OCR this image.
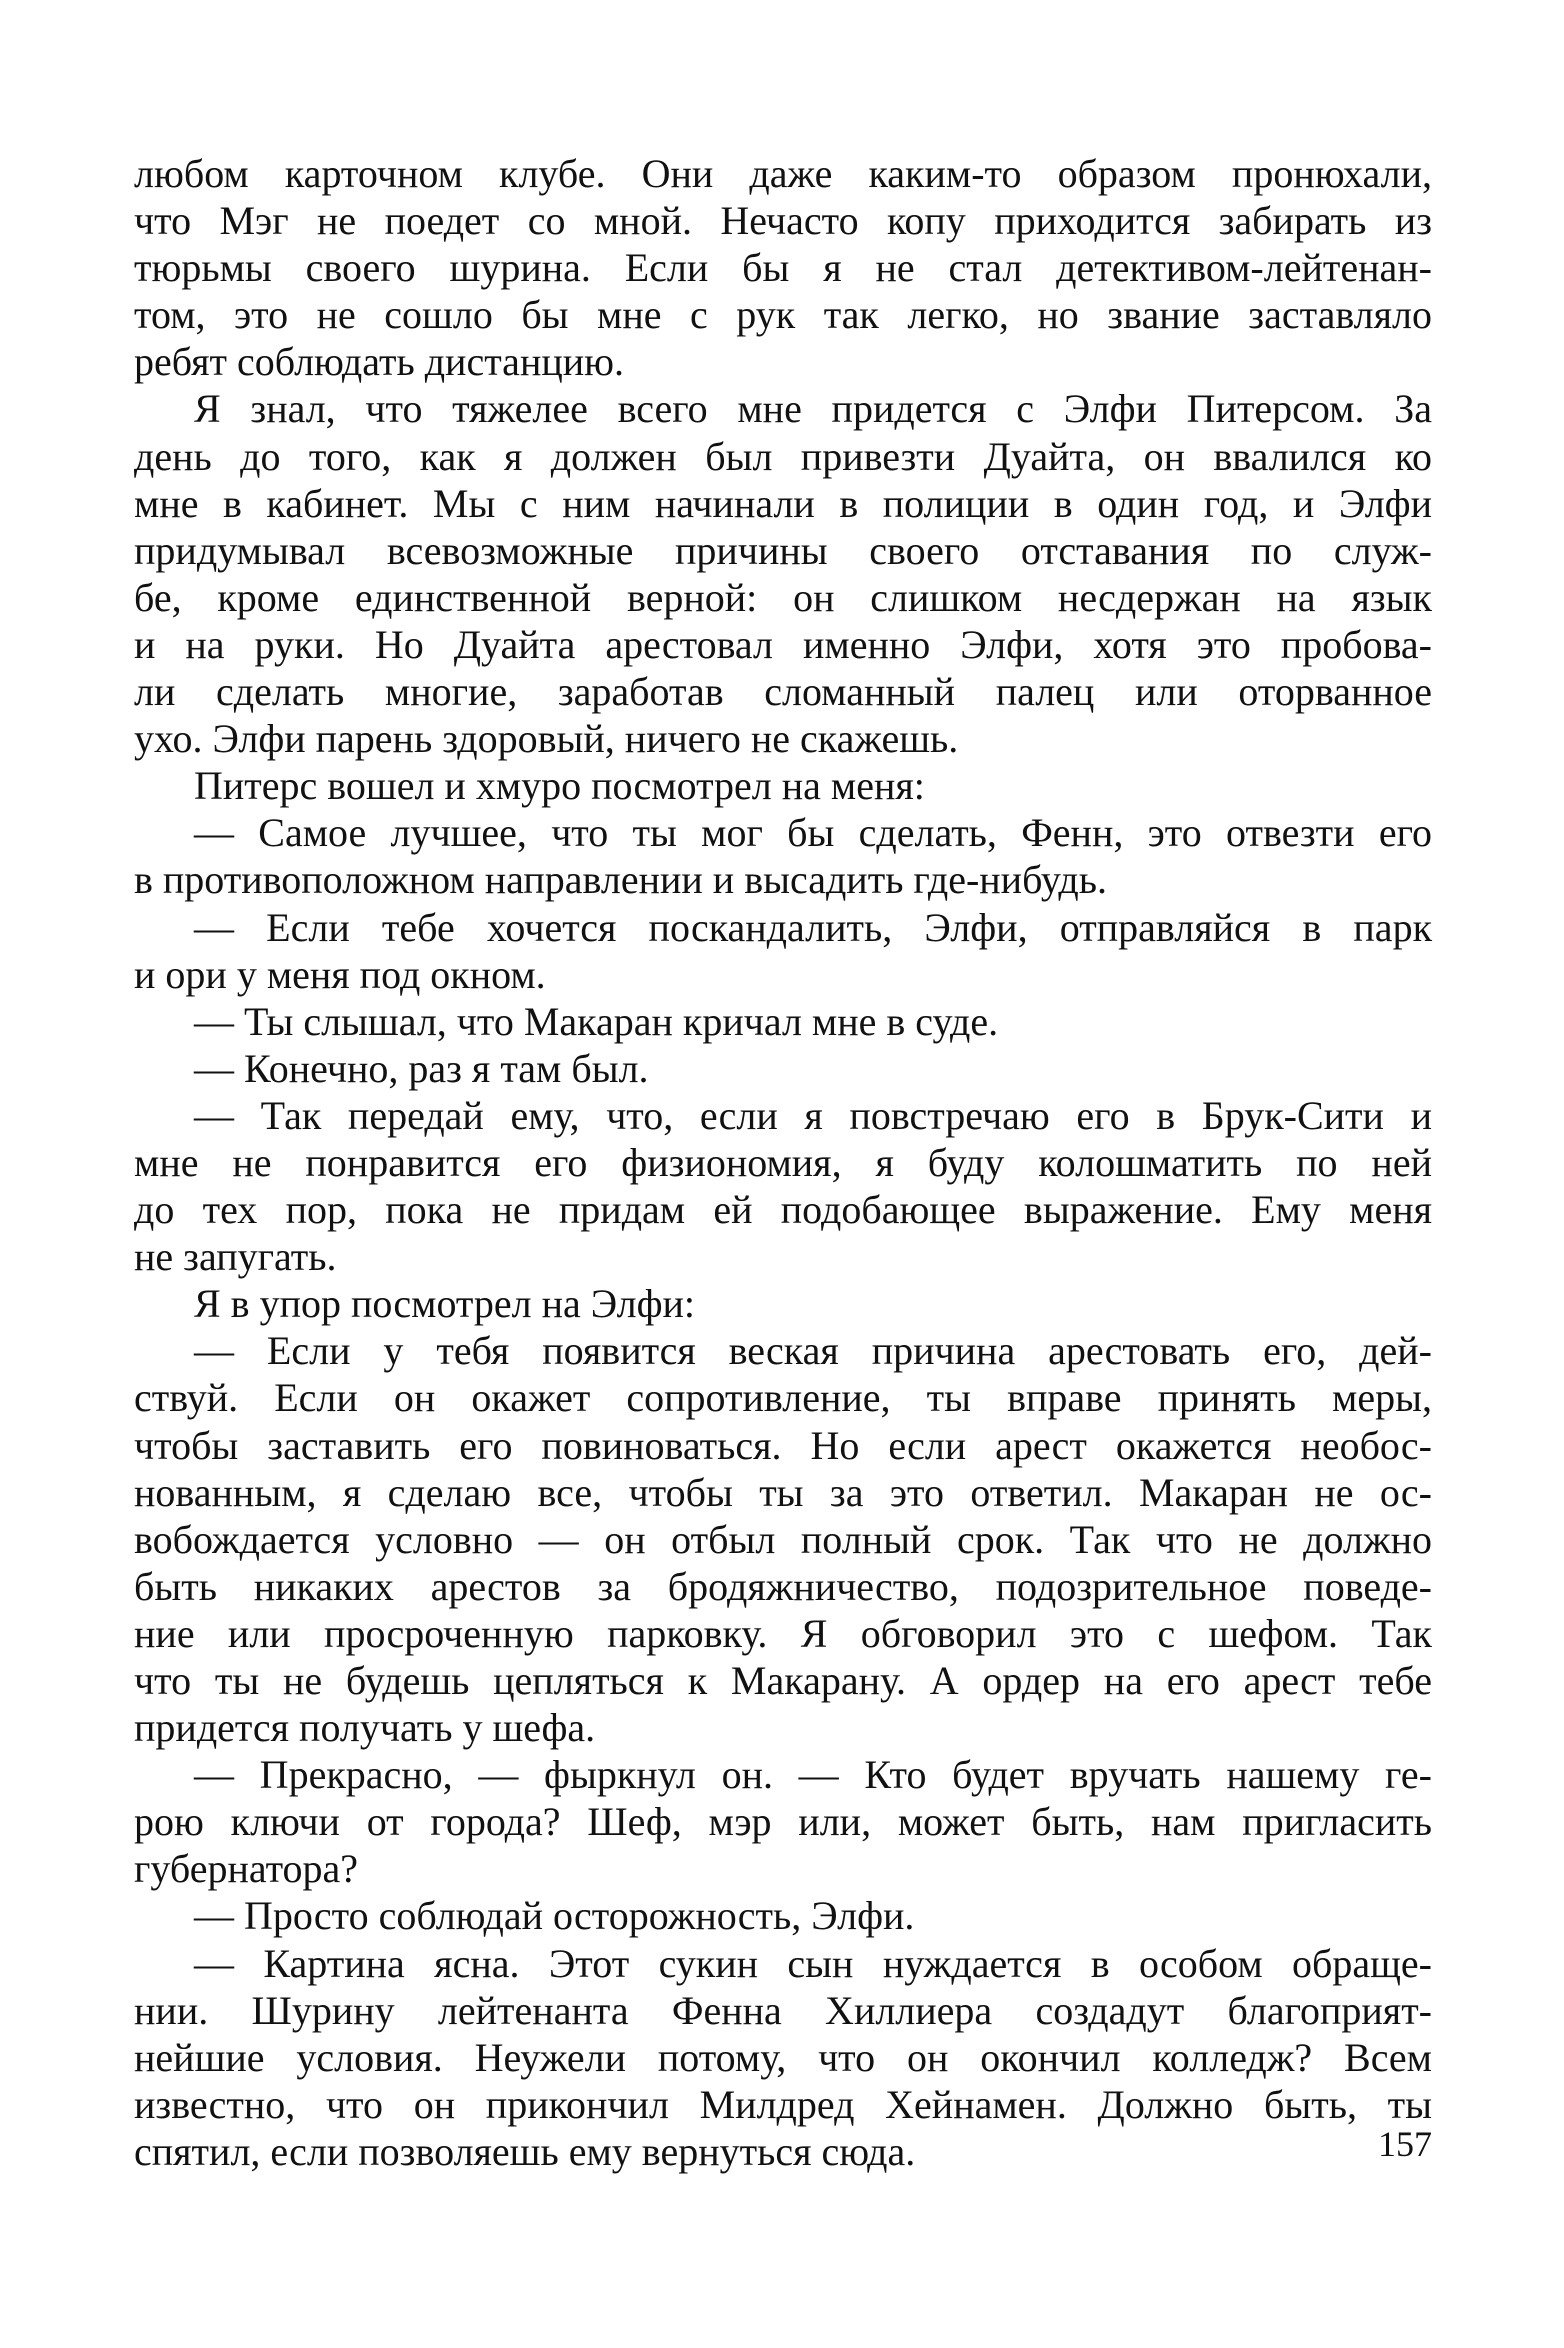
любом карточном клубе. Они даже каким-то образом пронюхали,
что Мэг не поедет со мной. Нечасто копу приходится забирать из
тюрьмы своего шурина. Если бы я не стал детективом-лейтенан-
том, это не сошло бы мне с рук так легко, но звание заставляло
ребят соблюдать дистанцию.
Я знал, что тяжелее всего мне придется с Элфи Питерсом. За
день до того, как я должен был привезти Дуайта, он ввалился ко
мне в кабинет. Мы с ним начинали в полиции в один год, и Элфи
придумывал всевозможные причины своего отставания по служ-
бе, кроме единственной верной: он слишком несдержан на язык
и на руки. Но Дуайта арестовал именно Элфи, хотя это пробова-
ли сделать многие, заработав сломанный палец или оторванное
ухо. Элфи парень здоровый, ничего не скажешь.
Питерс вошел и хмуро посмотрел на меня:
— Самое лучшее, что ты мог бы сделать, Фенн, это отвезти его
в противоположном направлении и высадить где-нибудь.
— Если тебе хочется поскандалить, Элфи, отправляйся в парк
и ори у меня под окном.
— Ты слышал, что Макаран кричал мне в суде.
— Конечно, раз я там был.
— Так передай ему, что, если я повстречаю его в Брук-Сити и
мне не понравится его физиономия, я буду колошматить по ней
до тех пор, пока не придам ей подобающее выражение. Ему меня
не запугать.
Я в упор посмотрел на Элфи:
— Если у тебя появится веская причина арестовать его, дей-
ствуй. Если он окажет сопротивление, ты вправе принять меры,
чтобы заставить его повиноваться. Но если арест окажется необос-
нованным, я сделаю все, чтобы ты за это ответил. Макаран не ос-
вобождается условно — он отбыл полный срок. Так что не должно
быть никаких арестов за бродяжничество, подозрительное поведе-
ние или просроченную парковку. Я обговорил это с шефом. Так
что ты не будешь цепляться к Макарану. А ордер на его арест тебе
придется получать у шефа.
— Прекрасно, — фыркнул он. — Кто будет вручать нашему ге-
рою ключи от города? Шеф, мэр или, может быть, нам пригласить
губернатора?
— Просто соблюдай осторожность, Элфи.
— Картина ясна. Этот сукин сын нуждается в особом обраще-
нии. Шурину лейтенанта Фенна Хиллиера создадут благоприят-
нейшие условия. Неужели потому, что он окончил колледж? Всем
известно, что он прикончил Милдред Хейнамен. Должно быть, ты
спятил, если позволяешь ему вернуться сюда.	157
